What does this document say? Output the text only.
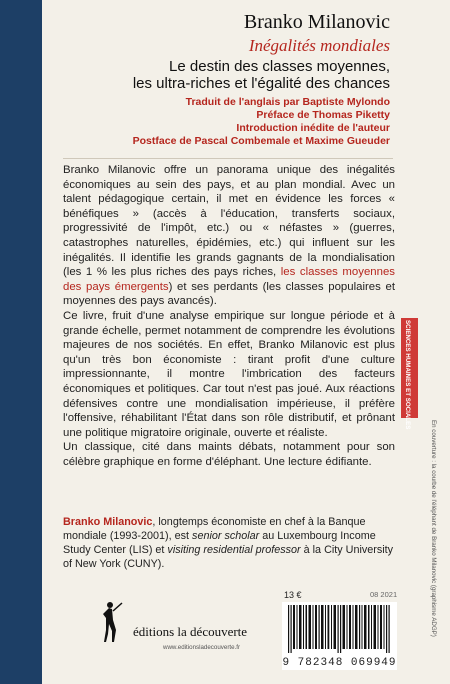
Branko Milanovic
Inégalités mondiales
Le destin des classes moyennes,
les ultra-riches et l'égalité des chances
Traduit de l'anglais par Baptiste Mylondo
Préface de Thomas Piketty
Introduction inédite de l'auteur
Postface de Pascal Combemale et Maxime Gueuder

Branko Milanovic offre un panorama unique des inégalités économiques au sein des pays, et au plan mondial. Avec un talent pédagogique certain, il met en évidence les forces « bénéfiques » (accès à l'éducation, transferts sociaux, progressivité de l'impôt, etc.) ou « néfastes » (guerres, catastrophes naturelles, épidémies, etc.) qui influent sur les inégalités. Il identifie les grands gagnants de la mondialisation (les 1 % les plus riches des pays riches, les classes moyennes des pays émergents) et ses perdants (les classes populaires et moyennes des pays avancés).

Ce livre, fruit d'une analyse empirique sur longue période et à grande échelle, permet notamment de comprendre les évolutions majeures de nos sociétés. En effet, Branko Milanovic est plus qu'un très bon économiste : tirant profit d'une culture impressionnante, il montre l'imbrication des facteurs économiques et politiques. Car tout n'est pas joué. Aux réactions défensives contre une mondialisation impérieuse, il préfère l'offensive, réhabilitant l'État dans son rôle distributif, et prônant une politique migratoire originale, ouverte et réaliste.

Un classique, cité dans maints débats, notamment pour son célèbre graphique en forme d'éléphant. Une lecture édifiante.

Branko Milanovic, longtemps économiste en chef à la Banque mondiale (1993-2001), est senior scholar au Luxembourg Income Study Center (LIS) et visiting residential professor à la City University of New York (CUNY).
SCIENCES HUMAINES ET SOCIALES
En couverture : la courbe de l'éléphant de Branko Milanovic (graphisme ADGP)
éditions la découverte
www.editionsladecouverte.fr
13 €	08 2021
9 782348 069949
